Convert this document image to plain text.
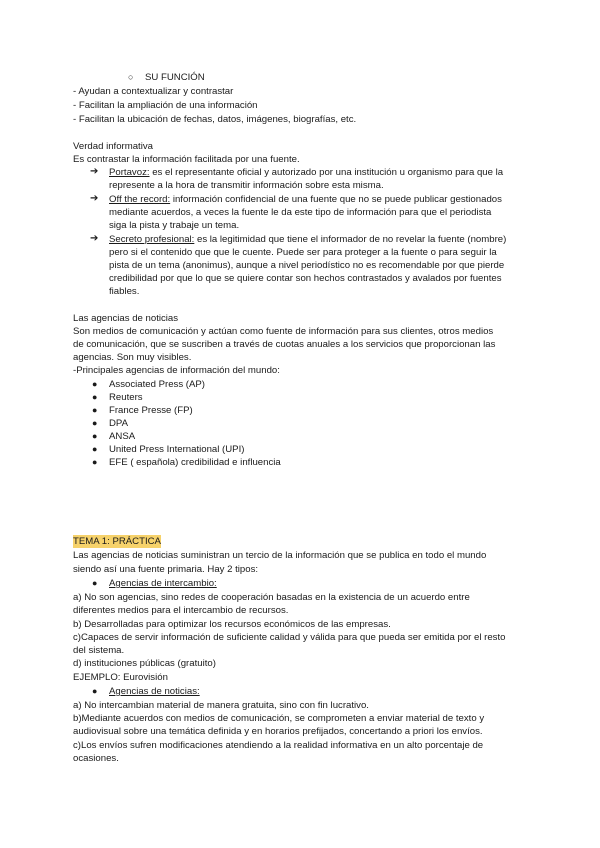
○ SU FUNCIÓN
- Ayudan a contextualizar y contrastar
- Facilitan la ampliación de una información
- Facilitan la ubicación de fechas, datos, imágenes, biografías, etc.
Verdad informativa
Es contrastar la información facilitada por una fuente.
➔ Portavoz: es el representante oficial y autorizado por una institución u organismo para que la
represente a la hora de transmitir información sobre esta misma.
➔ Off the record: información confidencial de una fuente que no se puede publicar gestionados
mediante acuerdos, a veces la fuente le da este tipo de información para que el periodista
siga la pista y trabaje un tema.
➔ Secreto profesional: es la legitimidad que tiene el informador de no revelar la fuente (nombre)
pero si el contenido que que le cuente. Puede ser para proteger a la fuente o para seguir la
pista de un tema (anonimus), aunque a nivel periodístico no es recomendable por que pierde
credibilidad por que lo que se quiere contar son hechos contrastados y avalados por fuentes
fiables.
Las agencias de noticias
Son medios de comunicación y actúan como fuente de información para sus clientes, otros medios
de comunicación, que se suscriben a través de cuotas anuales a los servicios que proporcionan las
agencias. Son muy visibles.
-Principales agencias de información del mundo:
● Associated Press (AP)
● Reuters
● France Presse (FP)
● DPA
● ANSA
● United Press International (UPI)
● EFE ( española) credibilidad e influencia
TEMA 1: PRÁCTICA
Las agencias de noticias suministran un tercio de la información que se publica en todo el mundo
siendo así una fuente primaria. Hay 2 tipos:
● Agencias de intercambio:
a) No son agencias, sino redes de cooperación basadas en la existencia de un acuerdo entre
diferentes medios para el intercambio de recursos.
b) Desarrolladas para optimizar los recursos económicos de las empresas.
c)Capaces de servir información de suficiente calidad y válida para que pueda ser emitida por el resto
del sistema.
d) instituciones públicas (gratuito)
EJEMPLO: Eurovisión
● Agencias de noticias:
a) No intercambian material de manera gratuita, sino con fin lucrativo.
b)Mediante acuerdos con medios de comunicación, se comprometen a enviar material de texto y
audiovisual sobre una temática definida y en horarios prefijados, concertando a priori los envíos.
c)Los envíos sufren modificaciones atendiendo a la realidad informativa en un alto porcentaje de
ocasiones.
